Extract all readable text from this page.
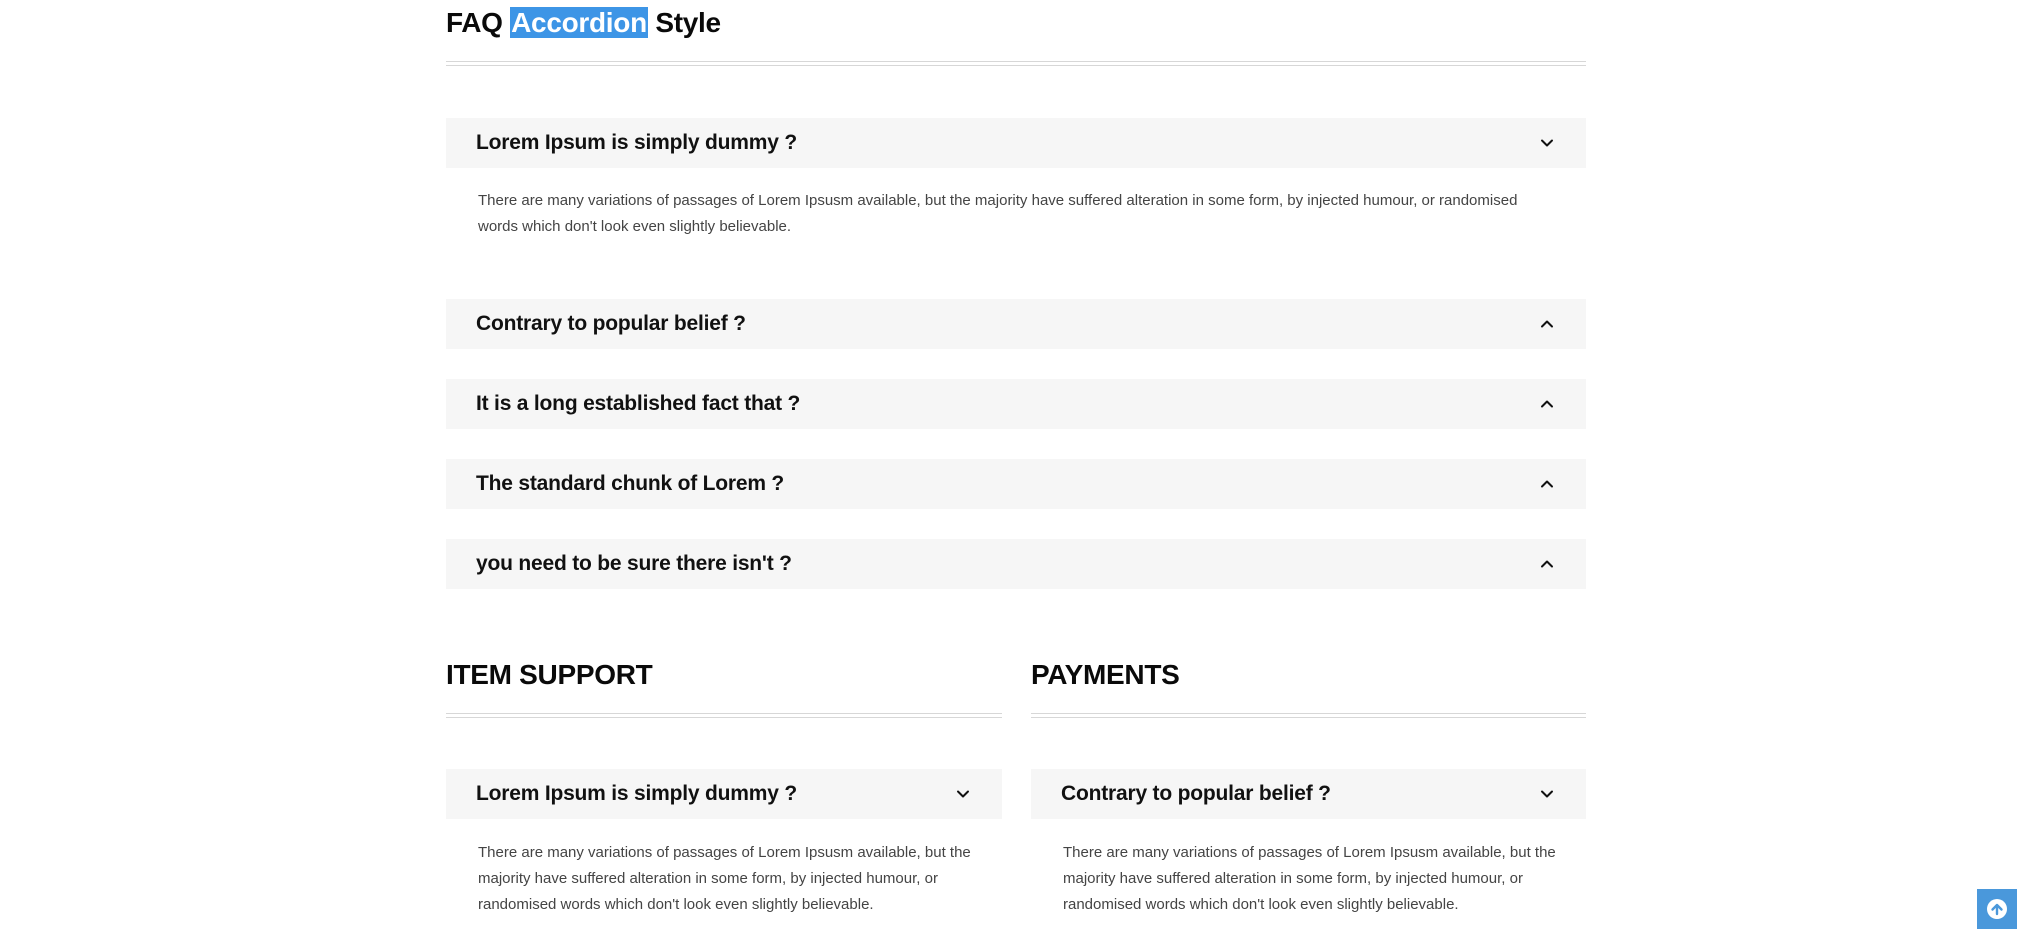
FAQ Accordion Style
Lorem Ipsum is simply dummy ?
There are many variations of passages of Lorem Ipsusm available, but the majority have suffered alteration in some form, by injected humour, or randomised words which don't look even slightly believable.
Contrary to popular belief ?
It is a long established fact that ?
The standard chunk of Lorem ?
you need to be sure there isn't ?
ITEM SUPPORT
Lorem Ipsum is simply dummy ?
There are many variations of passages of Lorem Ipsusm available, but the majority have suffered alteration in some form, by injected humour, or randomised words which don't look even slightly believable.
PAYMENTS
Contrary to popular belief ?
There are many variations of passages of Lorem Ipsusm available, but the majority have suffered alteration in some form, by injected humour, or randomised words which don't look even slightly believable.
